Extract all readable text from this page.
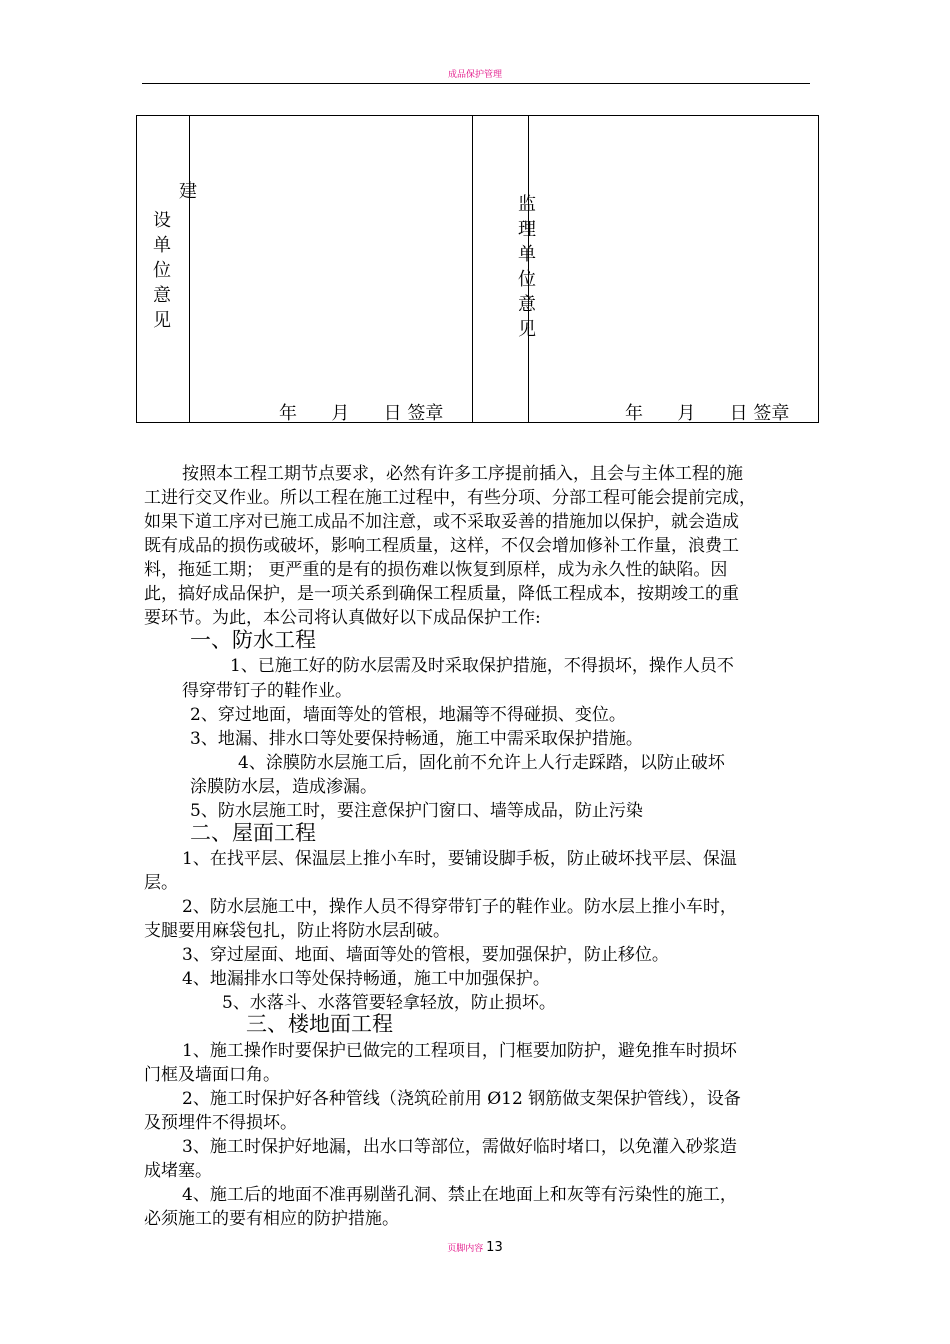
成品保护管理
建
设单位意见
监理单位意见
年      月      日 签章	年      月      日 签章
按照本工程工期节点要求，必然有许多工序提前插入，且会与主体工程的施
工进行交叉作业。所以工程在施工过程中，有些分项、分部工程可能会提前完成，
如果下道工序对已施工成品不加注意，或不采取妥善的措施加以保护，就会造成
既有成品的损伤或破坏，影响工程质量，这样，不仅会增加修补工作量，浪费工
料，拖延工期； 更严重的是有的损伤难以恢复到原样，成为永久性的缺陷。因
此，搞好成品保护，是一项关系到确保工程质量，降低工程成本，按期竣工的重
要环节。为此，本公司将认真做好以下成品保护工作:
一、防水工程
1、已施工好的防水层需及时采取保护措施，不得损坏，操作人员不
得穿带钉子的鞋作业。
2、穿过地面，墙面等处的管根，地漏等不得碰损、变位。
3、地漏、排水口等处要保持畅通，施工中需采取保护措施。
4、涂膜防水层施工后，固化前不允许上人行走踩踏，以防止破坏
涂膜防水层，造成渗漏。
5、防水层施工时，要注意保护门窗口、墙等成品，防止污染
二、屋面工程
1、在找平层、保温层上推小车时，要铺设脚手板，防止破坏找平层、保温
层。
2、防水层施工中，操作人员不得穿带钉子的鞋作业。防水层上推小车时，
支腿要用麻袋包扎，防止将防水层刮破。
3、穿过屋面、地面、墙面等处的管根，要加强保护，防止移位。
4、地漏排水口等处保持畅通，施工中加强保护。
5、水落斗、水落管要轻拿轻放，防止损坏。
三、楼地面工程
1、施工操作时要保护已做完的工程项目，门框要加防护，避免推车时损坏
门框及墙面口角。
2、施工时保护好各种管线（浇筑砼前用 Ø12 钢筋做支架保护管线），设备
及预埋件不得损坏。
3、施工时保护好地漏，出水口等部位，需做好临时堵口，以免灌入砂浆造
成堵塞。
4、施工后的地面不准再剔凿孔洞、禁止在地面上和灰等有污染性的施工，
必须施工的要有相应的防护措施。
页脚内容 13
